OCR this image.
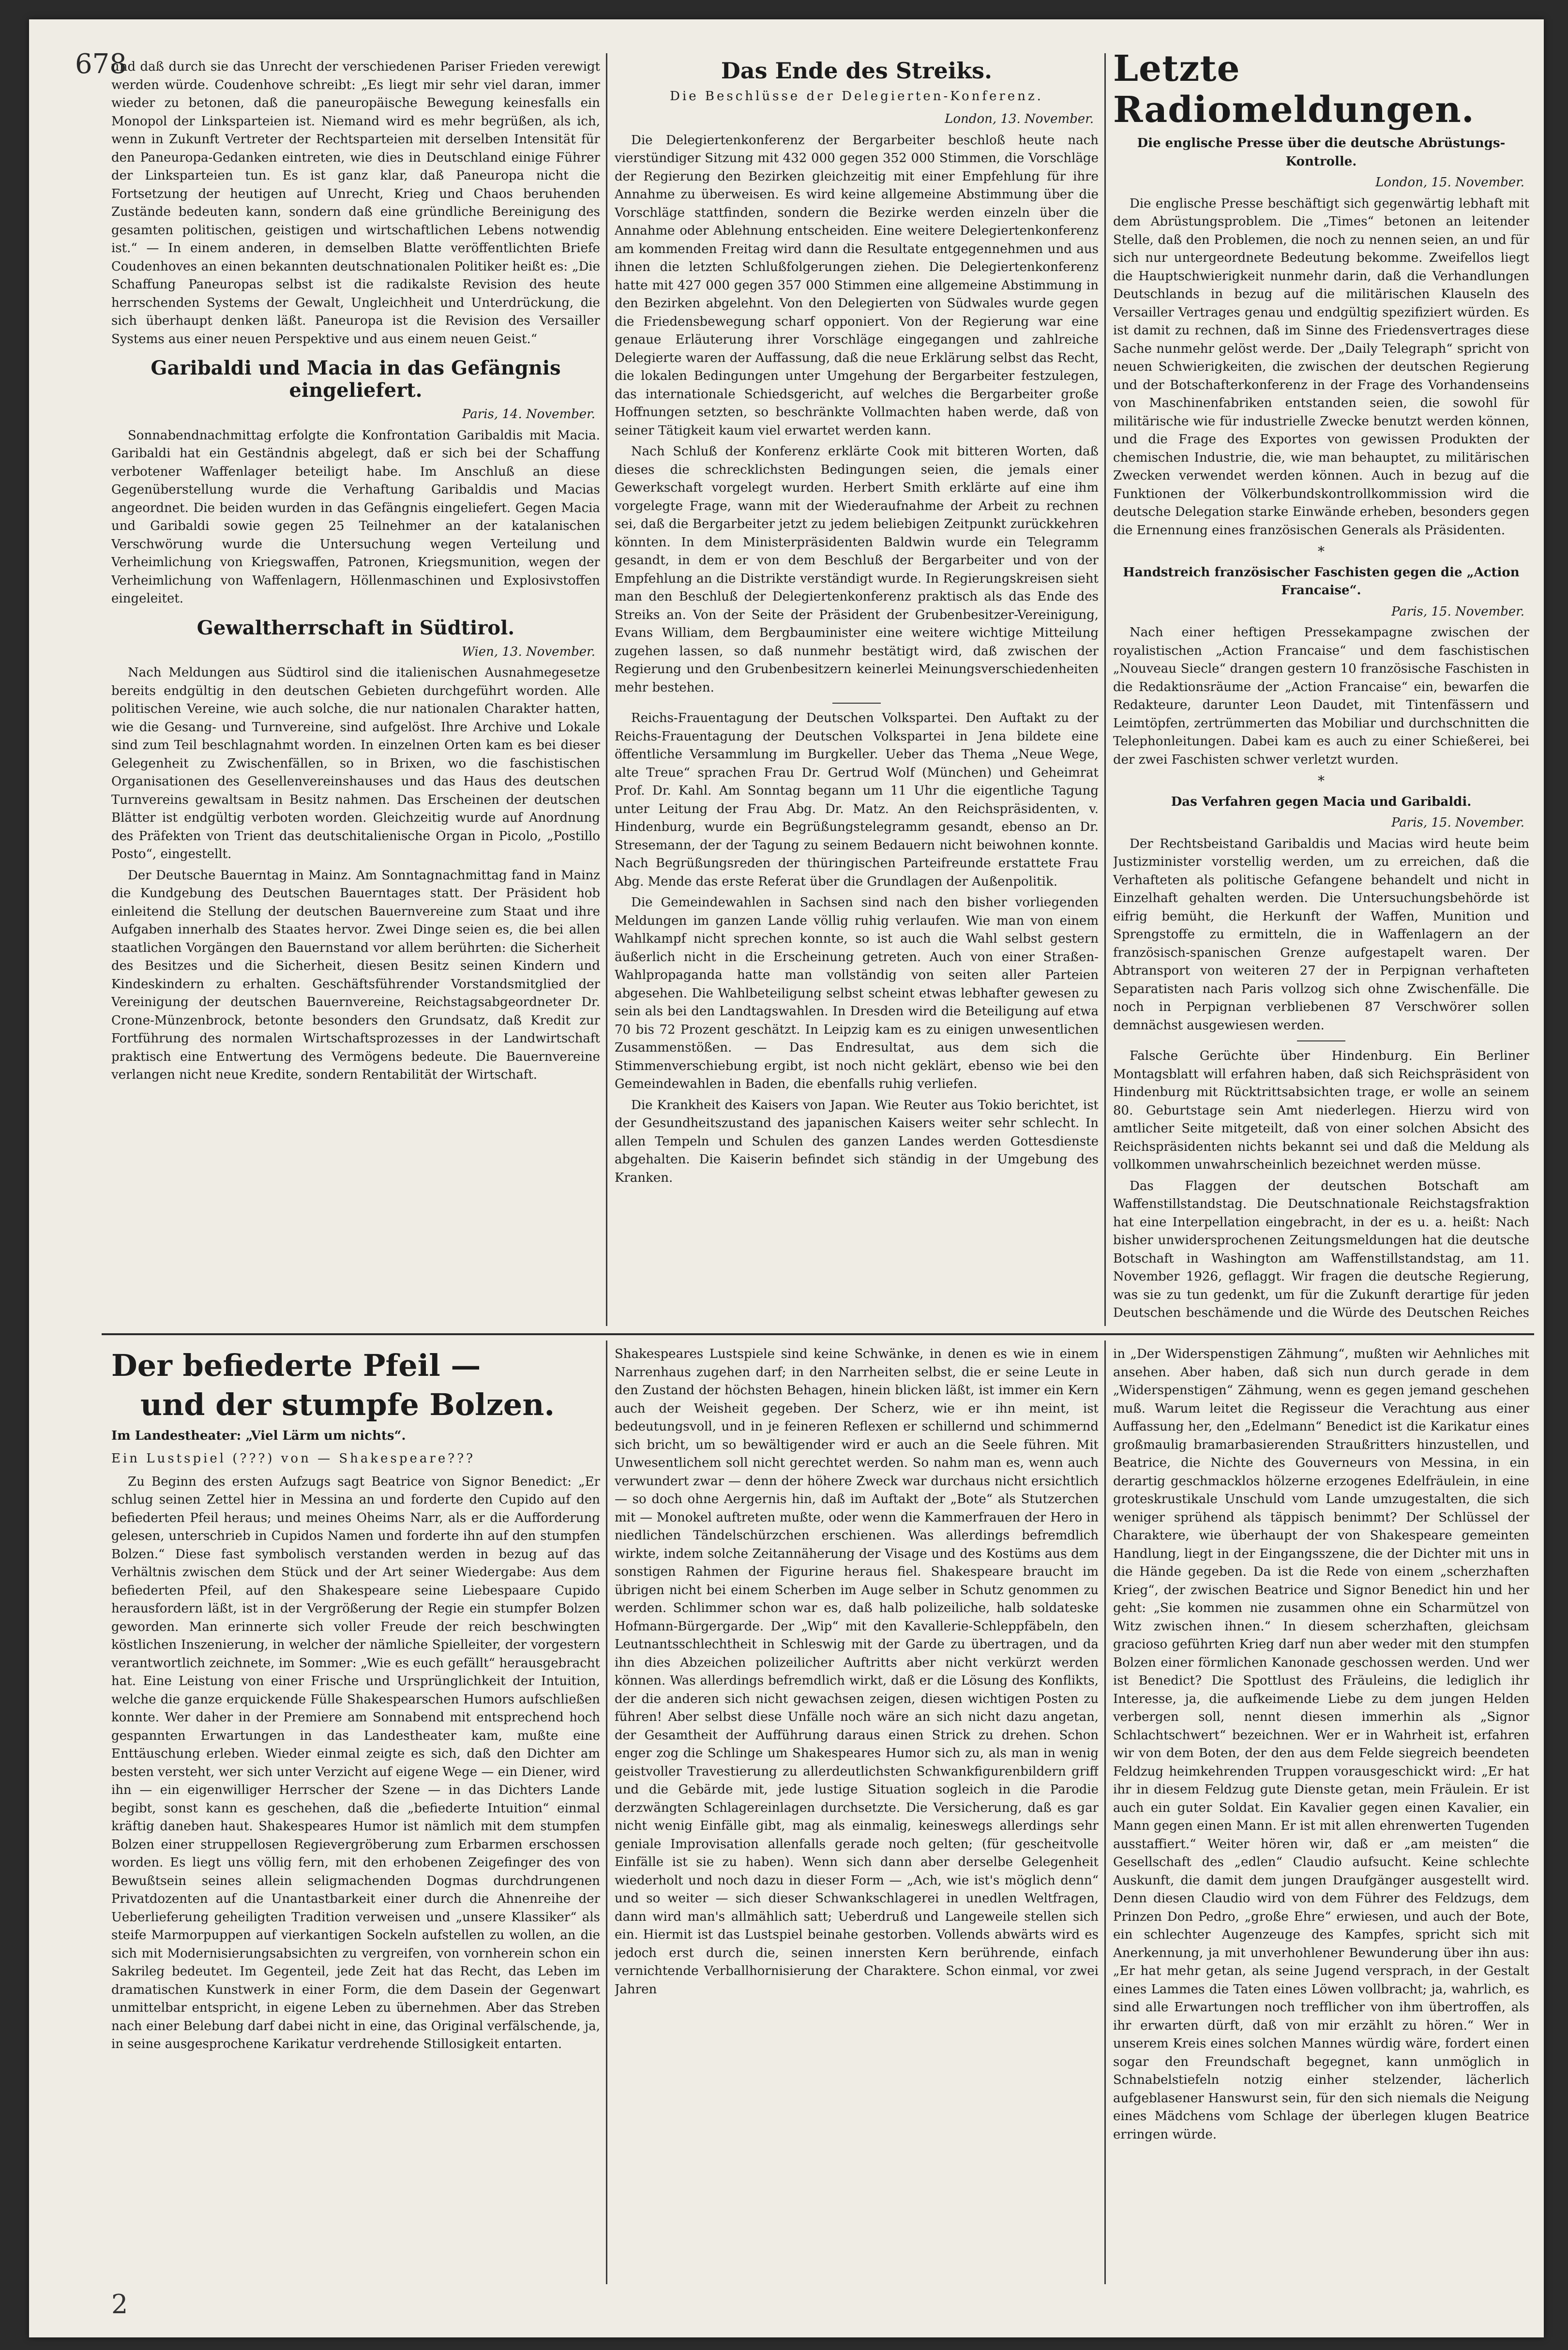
678

und daß durch sie das Unrecht der verschiedenen Pariser Frieden verewigt werden würde. Coudenhove schreibt: „Es liegt mir sehr viel daran, immer wieder zu betonen, daß die paneuropäische Bewegung keinesfalls ein Monopol der Linksparteien ist. Niemand wird es mehr begrüßen, als ich, wenn in Zukunft Vertreter der Rechtsparteien mit derselben Intensität für den Paneuropa-Gedanken eintreten, wie dies in Deutschland einige Führer der Linksparteien tun. Es ist ganz klar, daß Paneuropa nicht die Fortsetzung der heutigen auf Unrecht, Krieg und Chaos beruhenden Zustände bedeuten kann, sondern daß eine gründliche Bereinigung des gesamten politischen, geistigen und wirtschaftlichen Lebens notwendig ist.“ — In einem anderen, in demselben Blatte veröffentlichten Briefe Coudenhoves an einen bekannten deutschnationalen Politiker heißt es: „Die Schaffung Paneuropas selbst ist die radikalste Revision des heute herrschenden Systems der Gewalt, Ungleichheit und Unterdrückung, die sich überhaupt denken läßt. Paneuropa ist die Revision des Versailler Systems aus einer neuen Perspektive und aus einem neuen Geist.“

Garibaldi und Macia in das Gefängnis eingeliefert.
Paris, 14. November.

Sonnabendnachmittag erfolgte die Konfrontation Garibaldis mit Macia. Garibaldi hat ein Geständnis abgelegt, daß er sich bei der Schaffung verbotener Waffenlager beteiligt habe. Im Anschluß an diese Gegenüberstellung wurde die Verhaftung Garibaldis und Macias angeordnet. Die beiden wurden in das Gefängnis eingeliefert. Gegen Macia und Garibaldi sowie gegen 25 Teilnehmer an der katalanischen Verschwörung wurde die Untersuchung wegen Verteilung und Verheimlichung von Kriegswaffen, Patronen, Kriegsmunition, wegen der Verheimlichung von Waffenlagern, Höllenmaschinen und Explosivstoffen eingeleitet.

Gewaltherrschaft in Südtirol.
Wien, 13. November.

Nach Meldungen aus Südtirol sind die italienischen Ausnahmegesetze bereits endgültig in den deutschen Gebieten durchgeführt worden. Alle politischen Vereine, wie auch solche, die nur nationalen Charakter hatten, wie die Gesang- und Turnvereine, sind aufgelöst. Ihre Archive und Lokale sind zum Teil beschlagnahmt worden. In einzelnen Orten kam es bei dieser Gelegenheit zu Zwischenfällen, so in Brixen, wo die faschistischen Organisationen des Gesellenvereinshauses und das Haus des deutschen Turnvereins gewaltsam in Besitz nahmen. Das Erscheinen der deutschen Blätter ist endgültig verboten worden. Gleichzeitig wurde auf Anordnung des Präfekten von Trient das deutschitalienische Organ in Picolo, „Postillo Posto“, eingestellt.

Der Deutsche Bauerntag in Mainz. Am Sonntagnachmittag fand in Mainz die Kundgebung des Deutschen Bauerntages statt. Der Präsident hob einleitend die Stellung der deutschen Bauernvereine zum Staat und ihre Aufgaben innerhalb des Staates hervor. Zwei Dinge seien es, die bei allen staatlichen Vorgängen den Bauernstand vor allem berührten: die Sicherheit des Besitzes und die Sicherheit, diesen Besitz seinen Kindern und Kindeskindern zu erhalten. Geschäftsführender Vorstandsmitglied der Vereinigung der deutschen Bauernvereine, Reichstagsabgeordneter Dr. Crone-Münzenbrock, betonte besonders den Grundsatz, daß Kredit zur Fortführung des normalen Wirtschaftsprozesses in der Landwirtschaft praktisch eine Entwertung des Vermögens bedeute. Die Bauernvereine verlangen nicht neue Kredite, sondern Rentabilität der Wirtschaft.

Das Ende des Streiks.
Die Beschlüsse der Delegierten-Konferenz.
London, 13. November.

Die Delegiertenkonferenz der Bergarbeiter beschloß heute nach vierstündiger Sitzung mit 432 000 gegen 352 000 Stimmen, die Vorschläge der Regierung den Bezirken gleichzeitig mit einer Empfehlung für ihre Annahme zu überweisen. Es wird keine allgemeine Abstimmung über die Vorschläge stattfinden, sondern die Bezirke werden einzeln über die Annahme oder Ablehnung entscheiden. Eine weitere Delegiertenkonferenz am kommenden Freitag wird dann die Resultate entgegennehmen und aus ihnen die letzten Schlußfolgerungen ziehen. Die Delegiertenkonferenz hatte mit 427 000 gegen 357 000 Stimmen eine allgemeine Abstimmung in den Bezirken abgelehnt. Von den Delegierten von Südwales wurde gegen die Friedensbewegung scharf opponiert. Von der Regierung war eine genaue Erläuterung ihrer Vorschläge eingegangen und zahlreiche Delegierte waren der Auffassung, daß die neue Erklärung selbst das Recht, die lokalen Bedingungen unter Umgehung der Bergarbeiter festzulegen, das internationale Schiedsgericht, auf welches die Bergarbeiter große Hoffnungen setzten, so beschränkte Vollmachten haben werde, daß von seiner Tätigkeit kaum viel erwartet werden kann.

Nach Schluß der Konferenz erklärte Cook mit bitteren Worten, daß dieses die schrecklichsten Bedingungen seien, die jemals einer Gewerkschaft vorgelegt wurden. Herbert Smith erklärte auf eine ihm vorgelegte Frage, wann mit der Wiederaufnahme der Arbeit zu rechnen sei, daß die Bergarbeiter jetzt zu jedem beliebigen Zeitpunkt zurückkehren könnten. In dem Ministerpräsidenten Baldwin wurde ein Telegramm gesandt, in dem er von dem Beschluß der Bergarbeiter und von der Empfehlung an die Distrikte verständigt wurde. In Regierungskreisen sieht man den Beschluß der Delegiertenkonferenz praktisch als das Ende des Streiks an. Von der Seite der Präsident der Grubenbesitzer-Vereinigung, Evans William, dem Bergbauminister eine weitere wichtige Mitteilung zugehen lassen, so daß nunmehr bestätigt wird, daß zwischen der Regierung und den Grubenbesitzern keinerlei Meinungsverschiedenheiten mehr bestehen.

Reichs-Frauentagung der Deutschen Volkspartei. Den Auftakt zu der Reichs-Frauentagung der Deutschen Volkspartei in Jena bildete eine öffentliche Versammlung im Burgkeller. Ueber das Thema „Neue Wege, alte Treue“ sprachen Frau Dr. Gertrud Wolf (München) und Geheimrat Prof. Dr. Kahl. Am Sonntag begann um 11 Uhr die eigentliche Tagung unter Leitung der Frau Abg. Dr. Matz. An den Reichspräsidenten, v. Hindenburg, wurde ein Begrüßungstelegramm gesandt, ebenso an Dr. Stresemann, der der Tagung zu seinem Bedauern nicht beiwohnen konnte. Nach Begrüßungsreden der thüringischen Parteifreunde erstattete Frau Abg. Mende das erste Referat über die Grundlagen der Außenpolitik.

Die Gemeindewahlen in Sachsen sind nach den bisher vorliegenden Meldungen im ganzen Lande völlig ruhig verlaufen. Wie man von einem Wahlkampf nicht sprechen konnte, so ist auch die Wahl selbst gestern äußerlich nicht in die Erscheinung getreten. Auch von einer Straßen-Wahlpropaganda hatte man vollständig von seiten aller Parteien abgesehen. Die Wahlbeteiligung selbst scheint etwas lebhafter gewesen zu sein als bei den Landtagswahlen. In Dresden wird die Beteiligung auf etwa 70 bis 72 Prozent geschätzt. In Leipzig kam es zu einigen unwesentlichen Zusammenstößen. — Das Endresultat, aus dem sich die Stimmenverschiebung ergibt, ist noch nicht geklärt, ebenso wie bei den Gemeindewahlen in Baden, die ebenfalls ruhig verliefen.

Die Krankheit des Kaisers von Japan. Wie Reuter aus Tokio berichtet, ist der Gesundheitszustand des japanischen Kaisers weiter sehr schlecht. In allen Tempeln und Schulen des ganzen Landes werden Gottesdienste abgehalten. Die Kaiserin befindet sich ständig in der Umgebung des Kranken.

Letzte Radiomeldungen.
Die englische Presse über die deutsche Abrüstungs-Kontrolle.
London, 15. November.

Die englische Presse beschäftigt sich gegenwärtig lebhaft mit dem Abrüstungsproblem. Die „Times“ betonen an leitender Stelle, daß den Problemen, die noch zu nennen seien, an und für sich nur untergeordnete Bedeutung bekomme. Zweifellos liegt die Hauptschwierigkeit nunmehr darin, daß die Verhandlungen Deutschlands in bezug auf die militärischen Klauseln des Versailler Vertrages genau und endgültig spezifiziert würden. Es ist damit zu rechnen, daß im Sinne des Friedensvertrages diese Sache nunmehr gelöst werde. Der „Daily Telegraph“ spricht von neuen Schwierigkeiten, die zwischen der deutschen Regierung und der Botschafterkonferenz in der Frage des Vorhandenseins von Maschinenfabriken entstanden seien, die sowohl für militärische wie für industrielle Zwecke benutzt werden können, und die Frage des Exportes von gewissen Produkten der chemischen Industrie, die, wie man behauptet, zu militärischen Zwecken verwendet werden können. Auch in bezug auf die Funktionen der Völkerbundskontrollkommission wird die deutsche Delegation starke Einwände erheben, besonders gegen die Ernennung eines französischen Generals als Präsidenten.

*
Handstreich französischer Faschisten gegen die „Action Francaise“.
Paris, 15. November.

Nach einer heftigen Pressekampagne zwischen der royalistischen „Action Francaise“ und dem faschistischen „Nouveau Siecle“ drangen gestern 10 französische Faschisten in die Redaktionsräume der „Action Francaise“ ein, bewarfen die Redakteure, darunter Leon Daudet, mit Tintenfässern und Leimtöpfen, zertrümmerten das Mobiliar und durchschnitten die Telephonleitungen. Dabei kam es auch zu einer Schießerei, bei der zwei Faschisten schwer verletzt wurden.

*
Das Verfahren gegen Macia und Garibaldi.
Paris, 15. November.

Der Rechtsbeistand Garibaldis und Macias wird heute beim Justizminister vorstellig werden, um zu erreichen, daß die Verhafteten als politische Gefangene behandelt und nicht in Einzelhaft gehalten werden. Die Untersuchungsbehörde ist eifrig bemüht, die Herkunft der Waffen, Munition und Sprengstoffe zu ermitteln, die in Waffenlagern an der französisch-spanischen Grenze aufgestapelt waren. Der Abtransport von weiteren 27 der in Perpignan verhafteten Separatisten nach Paris vollzog sich ohne Zwischenfälle. Die noch in Perpignan verbliebenen 87 Verschwörer sollen demnächst ausgewiesen werden.

Falsche Gerüchte über Hindenburg. Ein Berliner Montagsblatt will erfahren haben, daß sich Reichspräsident von Hindenburg mit Rücktrittsabsichten trage, er wolle an seinem 80. Geburtstage sein Amt niederlegen. Hierzu wird von amtlicher Seite mitgeteilt, daß von einer solchen Absicht des Reichspräsidenten nichts bekannt sei und daß die Meldung als vollkommen unwahrscheinlich bezeichnet werden müsse.

Das Flaggen der deutschen Botschaft am Waffenstillstandstag. Die Deutschnationale Reichstagsfraktion hat eine Interpellation eingebracht, in der es u. a. heißt: Nach bisher unwidersprochenen Zeitungsmeldungen hat die deutsche Botschaft in Washington am Waffenstillstandstag, am 11. November 1926, geflaggt. Wir fragen die deutsche Regierung, was sie zu tun gedenkt, um für die Zukunft derartige für jeden Deutschen beschämende und die Würde des Deutschen Reiches

Der befiederte Pfeil —
und der stumpfe Bolzen.
Im Landestheater: „Viel Lärm um nichts“.
Ein Lustspiel (???) von — Shakespeare???

Zu Beginn des ersten Aufzugs sagt Beatrice von Signor Benedict: „Er schlug seinen Zettel hier in Messina an und forderte den Cupido auf den befiederten Pfeil heraus; und meines Oheims Narr, als er die Aufforderung gelesen, unterschrieb in Cupidos Namen und forderte ihn auf den stumpfen Bolzen.“ Diese fast symbolisch verstanden werden in bezug auf das Verhältnis zwischen dem Stück und der Art seiner Wiedergabe: Aus dem befiederten Pfeil, auf den Shakespeare seine Liebespaare Cupido herausfordern läßt, ist in der Vergrößerung der Regie ein stumpfer Bolzen geworden. Man erinnerte sich voller Freude der reich beschwingten köstlichen Inszenierung, in welcher der nämliche Spielleiter, der vorgestern verantwortlich zeichnete, im Sommer: „Wie es euch gefällt“ herausgebracht hat. Eine Leistung von einer Frische und Ursprünglichkeit der Intuition, welche die ganze erquickende Fülle Shakespearschen Humors aufschließen konnte. Wer daher in der Premiere am Sonnabend mit entsprechend hoch gespannten Erwartungen in das Landestheater kam, mußte eine Enttäuschung erleben. Wieder einmal zeigte es sich, daß den Dichter am besten versteht, wer sich unter Verzicht auf eigene Wege — ein Diener, wird ihn — ein eigenwilliger Herrscher der Szene — in das Dichters Lande begibt, sonst kann es geschehen, daß die „befiederte Intuition“ einmal kräftig daneben haut. Shakespeares Humor ist nämlich mit dem stumpfen Bolzen einer struppellosen Regievergröberung zum Erbarmen erschossen worden. Es liegt uns völlig fern, mit den erhobenen Zeigefinger des von Bewußtsein seines allein seligmachenden Dogmas durchdrungenen Privatdozenten auf die Unantastbarkeit einer durch die Ahnenreihe der Ueberlieferung geheiligten Tradition verweisen und „unsere Klassiker“ als steife Marmorpuppen auf vierkantigen Sockeln aufstellen zu wollen, an die sich mit Modernisierungsabsichten zu vergreifen, von vornherein schon ein Sakrileg bedeutet. Im Gegenteil, jede Zeit hat das Recht, das Leben im dramatischen Kunstwerk in einer Form, die dem Dasein der Gegenwart unmittelbar entspricht, in eigene Leben zu übernehmen. Aber das Streben nach einer Belebung darf dabei nicht in eine, das Original verfälschende, ja, in seine ausgesprochene Karikatur verdrehende Stillosigkeit entarten.

Shakespeares Lustspiele sind keine Schwänke, in denen es wie in einem Narrenhaus zugehen darf; in den Narrheiten selbst, die er seine Leute in den Zustand der höchsten Behagen, hinein blicken läßt, ist immer ein Kern auch der Weisheit gegeben. Der Scherz, wie er ihn meint, ist bedeutungsvoll, und in je feineren Reflexen er schillernd und schimmernd sich bricht, um so bewältigender wird er auch an die Seele führen. Mit Unwesentlichem soll nicht gerechtet werden. So nahm man es, wenn auch verwundert zwar — denn der höhere Zweck war durchaus nicht ersichtlich — so doch ohne Aergernis hin, daß im Auftakt der „Bote“ als Stutzerchen mit — Monokel auftreten mußte, oder wenn die Kammerfrauen der Hero in niedlichen Tändelschürzchen erschienen. Was allerdings befremdlich wirkte, indem solche Zeitannäherung der Visage und des Kostüms aus dem sonstigen Rahmen der Figurine heraus fiel. Shakespeare braucht im übrigen nicht bei einem Scherben im Auge selber in Schutz genommen zu werden. Schlimmer schon war es, daß halb polizeiliche, halb soldateske Hofmann-Bürgergarde. Der „Wip“ mit den Kavallerie-Schleppfäbeln, den Leutnantsschlechtheit in Schleswig mit der Garde zu übertragen, und da ihn dies Abzeichen polizeilicher Auftritts aber nicht verkürzt werden können. Was allerdings befremdlich wirkt, daß er die Lösung des Konflikts, der die anderen sich nicht gewachsen zeigen, diesen wichtigen Posten zu führen! Aber selbst diese Unfälle noch wäre an sich nicht dazu angetan, der Gesamtheit der Aufführung daraus einen Strick zu drehen. Schon enger zog die Schlinge um Shakespeares Humor sich zu, als man in wenig geistvoller Travestierung zu allerdeutlichsten Schwankfigurenbildern griff und die Gebärde mit, jede lustige Situation sogleich in die Parodie derzwängten Schlagereinlagen durchsetzte. Die Versicherung, daß es gar nicht wenig Einfälle gibt, mag als einmalig, keineswegs allerdings sehr geniale Improvisation allenfalls gerade noch gelten; (für gescheitvolle Einfälle ist sie zu haben). Wenn sich dann aber derselbe Gelegenheit wiederholt und noch dazu in dieser Form — „Ach, wie ist's möglich denn“ und so weiter — sich dieser Schwankschlagerei in unedlen Weltfragen, dann wird man's allmählich satt; Ueberdruß und Langeweile stellen sich ein. Hiermit ist das Lustspiel beinahe gestorben. Vollends abwärts wird es jedoch erst durch die, seinen innersten Kern berührende, einfach vernichtende Verballhornisierung der Charaktere. Schon einmal, vor zwei Jahren

in „Der Widerspenstigen Zähmung“, mußten wir Aehnliches mit ansehen. Aber haben, daß sich nun durch gerade in dem „Widerspenstigen“ Zähmung, wenn es gegen jemand geschehen muß. Warum leitet die Regisseur die Verachtung aus einer Auffassung her, den „Edelmann“ Benedict ist die Karikatur eines großmaulig bramarbasierenden Straußritters hinzustellen, und Beatrice, die Nichte des Gouverneurs von Messina, in ein derartig geschmacklos hölzerne erzogenes Edelfräulein, in eine groteskrustikale Unschuld vom Lande umzugestalten, die sich weniger sprühend als täppisch benimmt? Der Schlüssel der Charaktere, wie überhaupt der von Shakespeare gemeinten Handlung, liegt in der Eingangsszene, die der Dichter mit uns in die Hände gegeben. Da ist die Rede von einem „scherzhaften Krieg“, der zwischen Beatrice und Signor Benedict hin und her geht: „Sie kommen nie zusammen ohne ein Scharmützel von Witz zwischen ihnen.“ In diesem scherzhaften, gleichsam gracioso geführten Krieg darf nun aber weder mit den stumpfen Bolzen einer förmlichen Kanonade geschossen werden. Und wer ist Benedict? Die Spottlust des Fräuleins, die lediglich ihr Interesse, ja, die aufkeimende Liebe zu dem jungen Helden verbergen soll, nennt diesen immerhin als „Signor Schlachtschwert“ bezeichnen. Wer er in Wahrheit ist, erfahren wir von dem Boten, der den aus dem Felde siegreich beendeten Feldzug heimkehrenden Truppen vorausgeschickt wird: „Er hat ihr in diesem Feldzug gute Dienste getan, mein Fräulein. Er ist auch ein guter Soldat. Ein Kavalier gegen einen Kavalier, ein Mann gegen einen Mann. Er ist mit allen ehrenwerten Tugenden ausstaffiert.“ Weiter hören wir, daß er „am meisten“ die Gesellschaft des „edlen“ Claudio aufsucht. Keine schlechte Auskunft, die damit dem jungen Draufgänger ausgestellt wird. Denn diesen Claudio wird von dem Führer des Feldzugs, dem Prinzen Don Pedro, „große Ehre“ erwiesen, und auch der Bote, ein schlechter Augenzeuge des Kampfes, spricht sich mit Anerkennung, ja mit unverhohlener Bewunderung über ihn aus: „Er hat mehr getan, als seine Jugend versprach, in der Gestalt eines Lammes die Taten eines Löwen vollbracht; ja, wahrlich, es sind alle Erwartungen noch trefflicher von ihm übertroffen, als ihr erwarten dürft, daß von mir erzählt zu hören.“ Wer in unserem Kreis eines solchen Mannes würdig wäre, fordert einen sogar den Freundschaft begegnet, kann unmöglich in Schnabelstiefeln notzig einher stelzender, lächerlich aufgeblasener Hanswurst sein, für den sich niemals die Neigung eines Mädchens vom Schlage der überlegen klugen Beatrice erringen würde.

2
